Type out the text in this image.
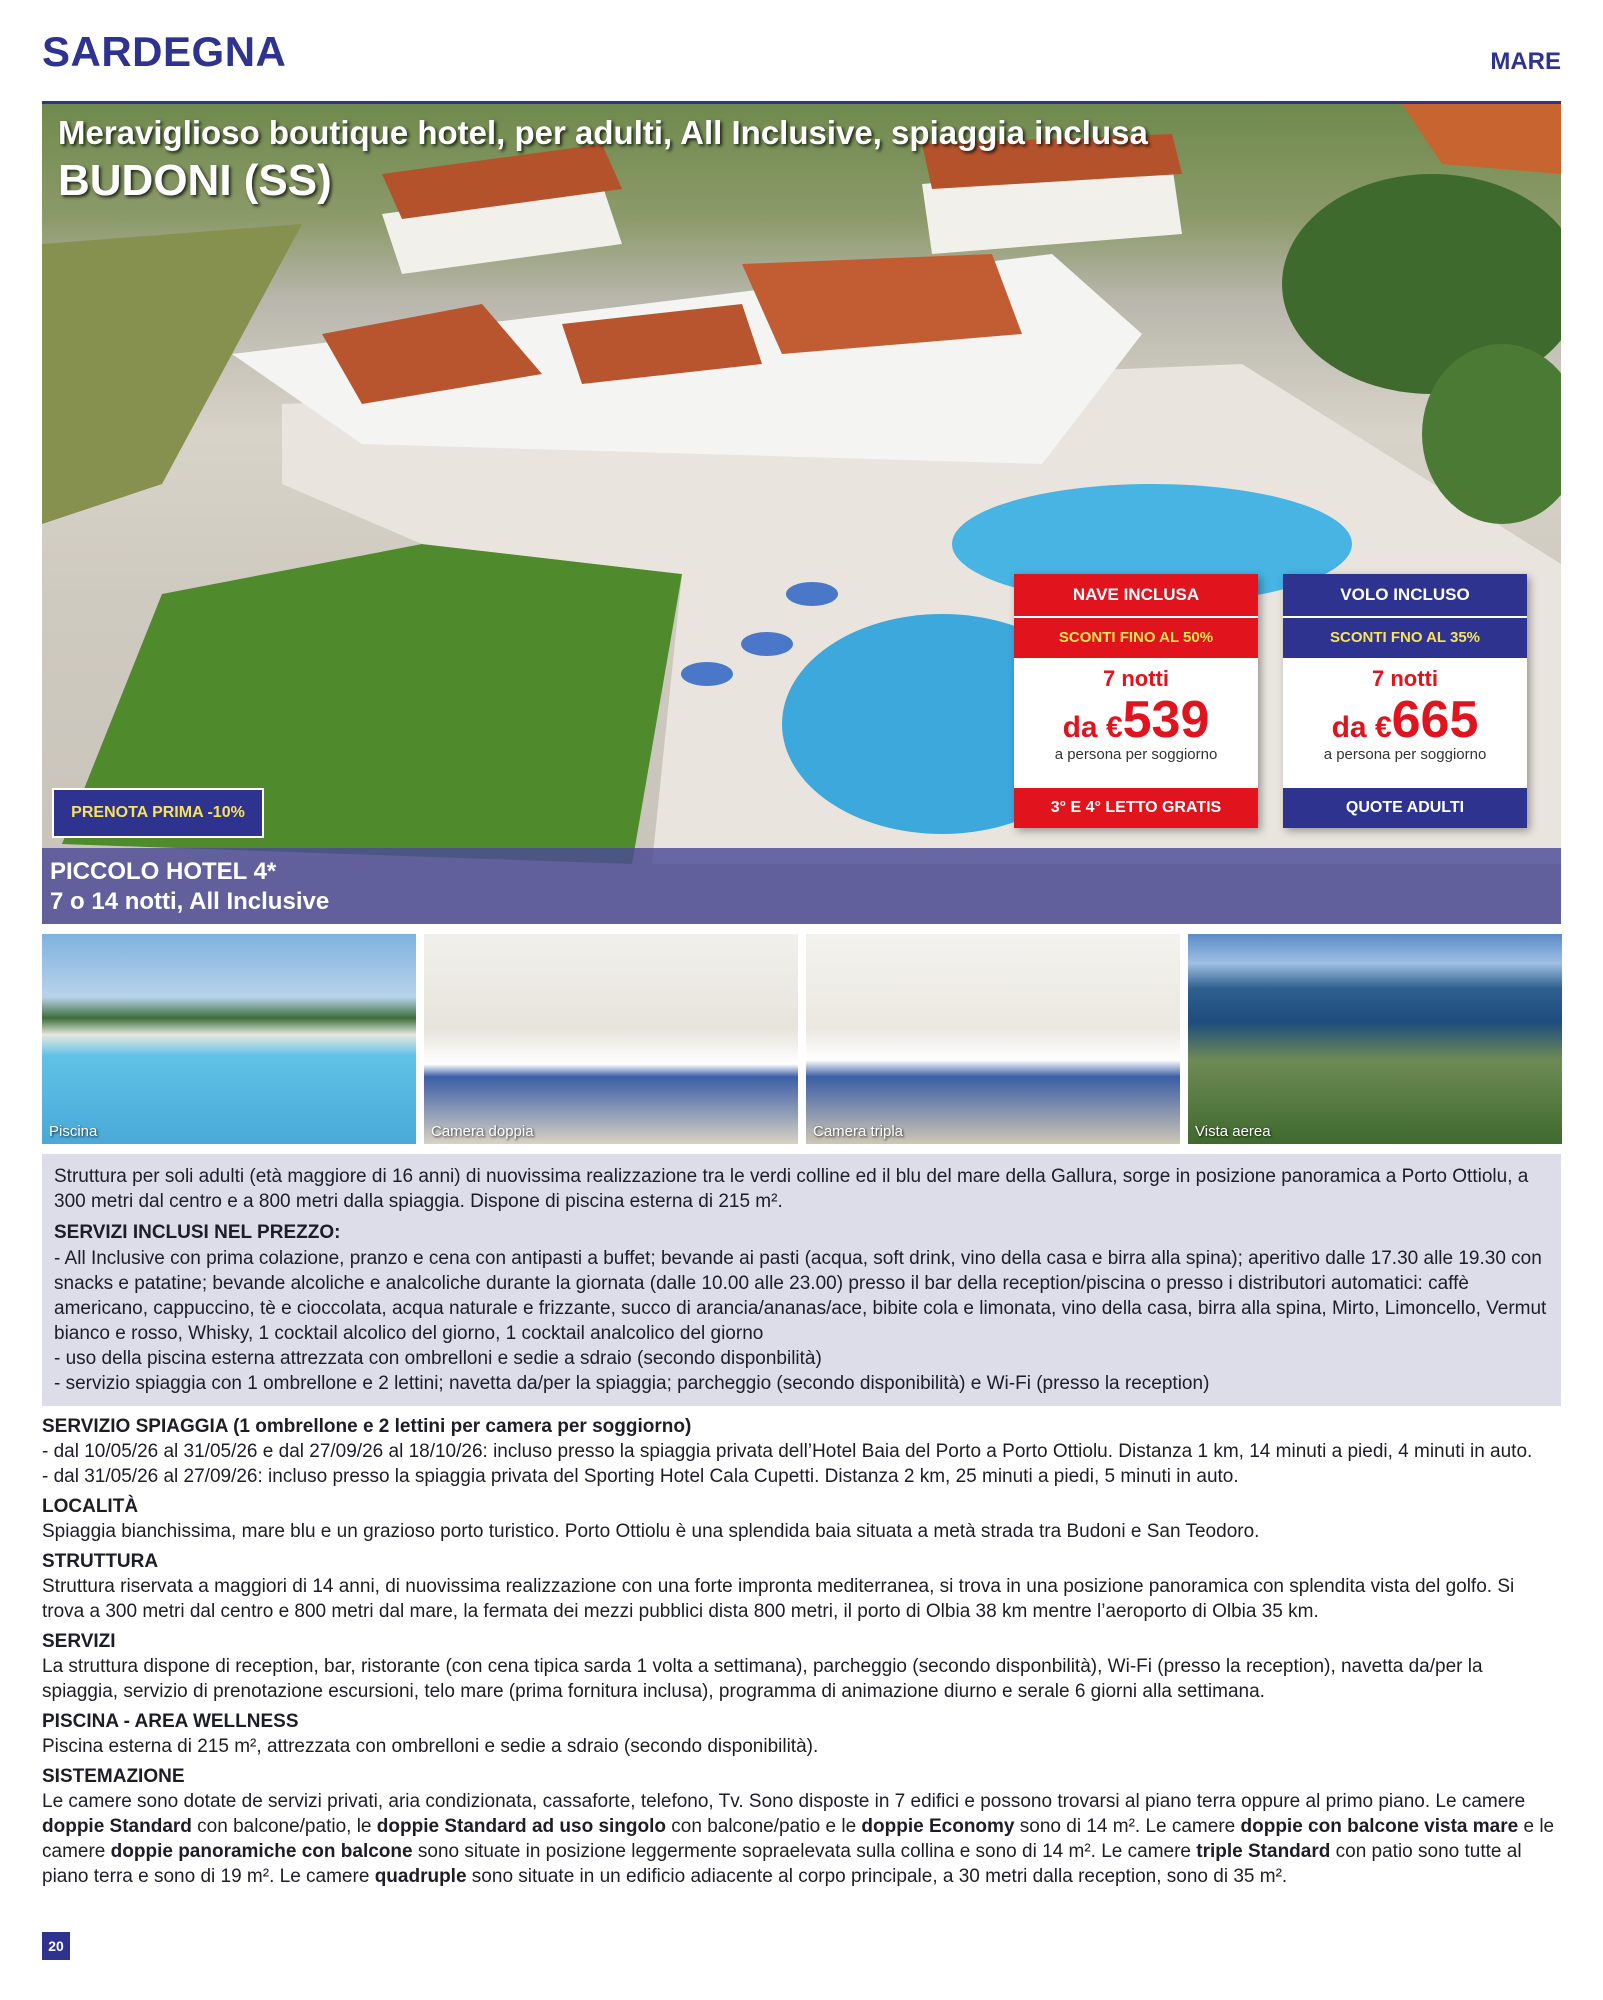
SARDEGNA	MARE
Meraviglioso boutique hotel, per adulti, All Inclusive, spiaggia inclusa
BUDONI (SS)
PRENOTA PRIMA -10%
PICCOLO HOTEL 4*
7 o 14 notti, All Inclusive
NAVE INCLUSA
SCONTI FINO AL 50%
7 notti
da €539
a persona per soggiorno
3° E 4° LETTO GRATIS
VOLO INCLUSO
SCONTI FNO AL 35%
7 notti
da €665
a persona per soggiorno
QUOTE ADULTI
Piscina	Camera doppia	Camera tripla	Vista aerea

Struttura per soli adulti (età maggiore di 16 anni) di nuovissima realizzazione tra le verdi colline ed il blu del mare della Gallura, sorge in posizione panoramica a Porto Ottiolu, a 300 metri dal centro e a 800 metri dalla spiaggia. Dispone di piscina esterna di 215 m².

SERVIZI INCLUSI NEL PREZZO:
- All Inclusive con prima colazione, pranzo e cena con antipasti a buffet; bevande ai pasti (acqua, soft drink, vino della casa e birra alla spina); aperitivo dalle 17.30 alle 19.30 con snacks e patatine; bevande alcoliche e analcoliche durante la giornata (dalle 10.00 alle 23.00) presso il bar della reception/piscina o presso i distributori automatici: caffè americano, cappuccino, tè e cioccolata, acqua naturale e frizzante, succo di arancia/ananas/ace, bibite cola e limonata, vino della casa, birra alla spina, Mirto, Limoncello, Vermut bianco e rosso, Whisky, 1 cocktail alcolico del giorno, 1 cocktail analcolico del giorno
- uso della piscina esterna attrezzata con ombrelloni e sedie a sdraio (secondo disponbilità)
- servizio spiaggia con 1 ombrellone e 2 lettini; navetta da/per la spiaggia; parcheggio (secondo disponibilità) e Wi-Fi (presso la reception)
SERVIZIO SPIAGGIA (1 ombrellone e 2 lettini per camera per soggiorno)

- dal 10/05/26 al 31/05/26 e dal 27/09/26 al 18/10/26: incluso presso la spiaggia privata dell’Hotel Baia del Porto a Porto Ottiolu. Distanza 1 km, 14 minuti a piedi, 4 minuti in auto.

- dal 31/05/26 al 27/09/26: incluso presso la spiaggia privata del Sporting Hotel Cala Cupetti. Distanza 2 km, 25 minuti a piedi, 5 minuti in auto.

LOCALITÀ

Spiaggia bianchissima, mare blu e un grazioso porto turistico. Porto Ottiolu è una splendida baia situata a metà strada tra Budoni e San Teodoro.

STRUTTURA

Struttura riservata a maggiori di 14 anni, di nuovissima realizzazione con una forte impronta mediterranea, si trova in una posizione panoramica con splendita vista del golfo. Si trova a 300 metri dal centro e 800 metri dal mare, la fermata dei mezzi pubblici dista 800 metri, il porto di Olbia 38 km mentre l’aeroporto di Olbia 35 km.

SERVIZI

La struttura dispone di reception, bar, ristorante (con cena tipica sarda 1 volta a settimana), parcheggio (secondo disponbilità), Wi-Fi (presso la reception), navetta da/per la spiaggia, servizio di prenotazione escursioni, telo mare (prima fornitura inclusa), programma di animazione diurno e serale 6 giorni alla settimana.

PISCINA - AREA WELLNESS

Piscina esterna di 215 m², attrezzata con ombrelloni e sedie a sdraio (secondo disponibilità).

SISTEMAZIONE

Le camere sono dotate de servizi privati, aria condizionata, cassaforte, telefono, Tv. Sono disposte in 7 edifici e possono trovarsi al piano terra oppure al primo piano. Le camere doppie Standard con balcone/patio, le doppie Standard ad uso singolo con balcone/patio e le doppie Economy sono di 14 m². Le camere doppie con balcone vista mare e le camere doppie panoramiche con balcone sono situate in posizione leggermente sopraelevata sulla collina e sono di 14 m². Le camere triple Standard con patio sono tutte al piano terra e sono di 19 m². Le camere quadruple sono situate in un edificio adiacente al corpo principale, a 30 metri dalla reception, sono di 35 m².

20
